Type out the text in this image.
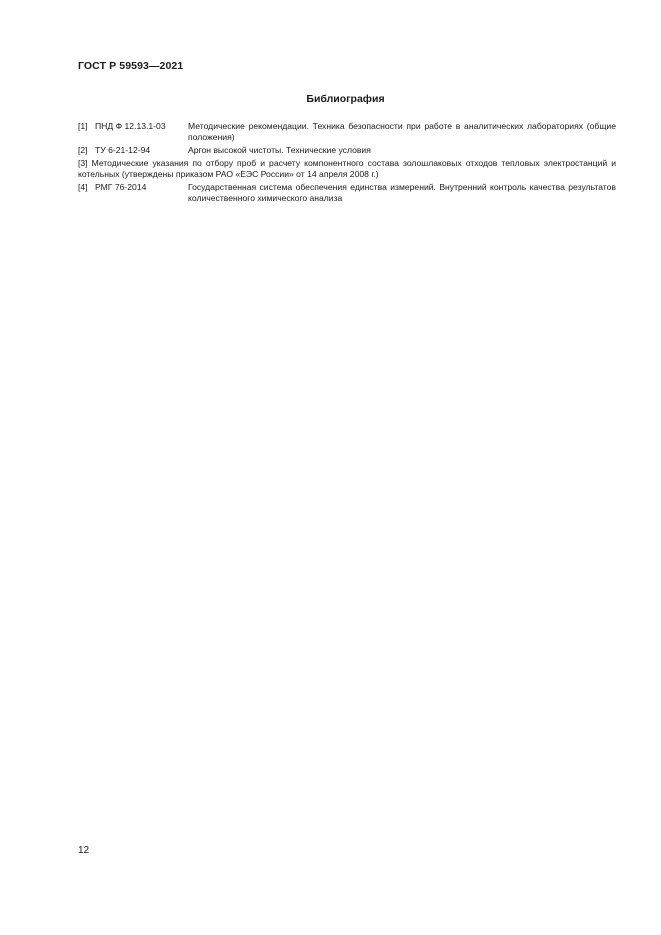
ГОСТ Р 59593—2021
Библиография
[1] ПНД Ф 12.13.1-03	Методические рекомендации. Техника безопасности при работе в аналитических лабораториях (общие положения)
[2] ТУ 6-21-12-94	Аргон высокой чистоты. Технические условия
[3] Методические указания по отбору проб и расчету компонентного состава золошлаковых отходов тепловых электростанций и котельных (утверждены приказом РАО «ЕЭС России» от 14 апреля 2008 г.)
[4] РМГ 76-2014	Государственная система обеспечения единства измерений. Внутренний контроль качества результатов количественного химического анализа
12
